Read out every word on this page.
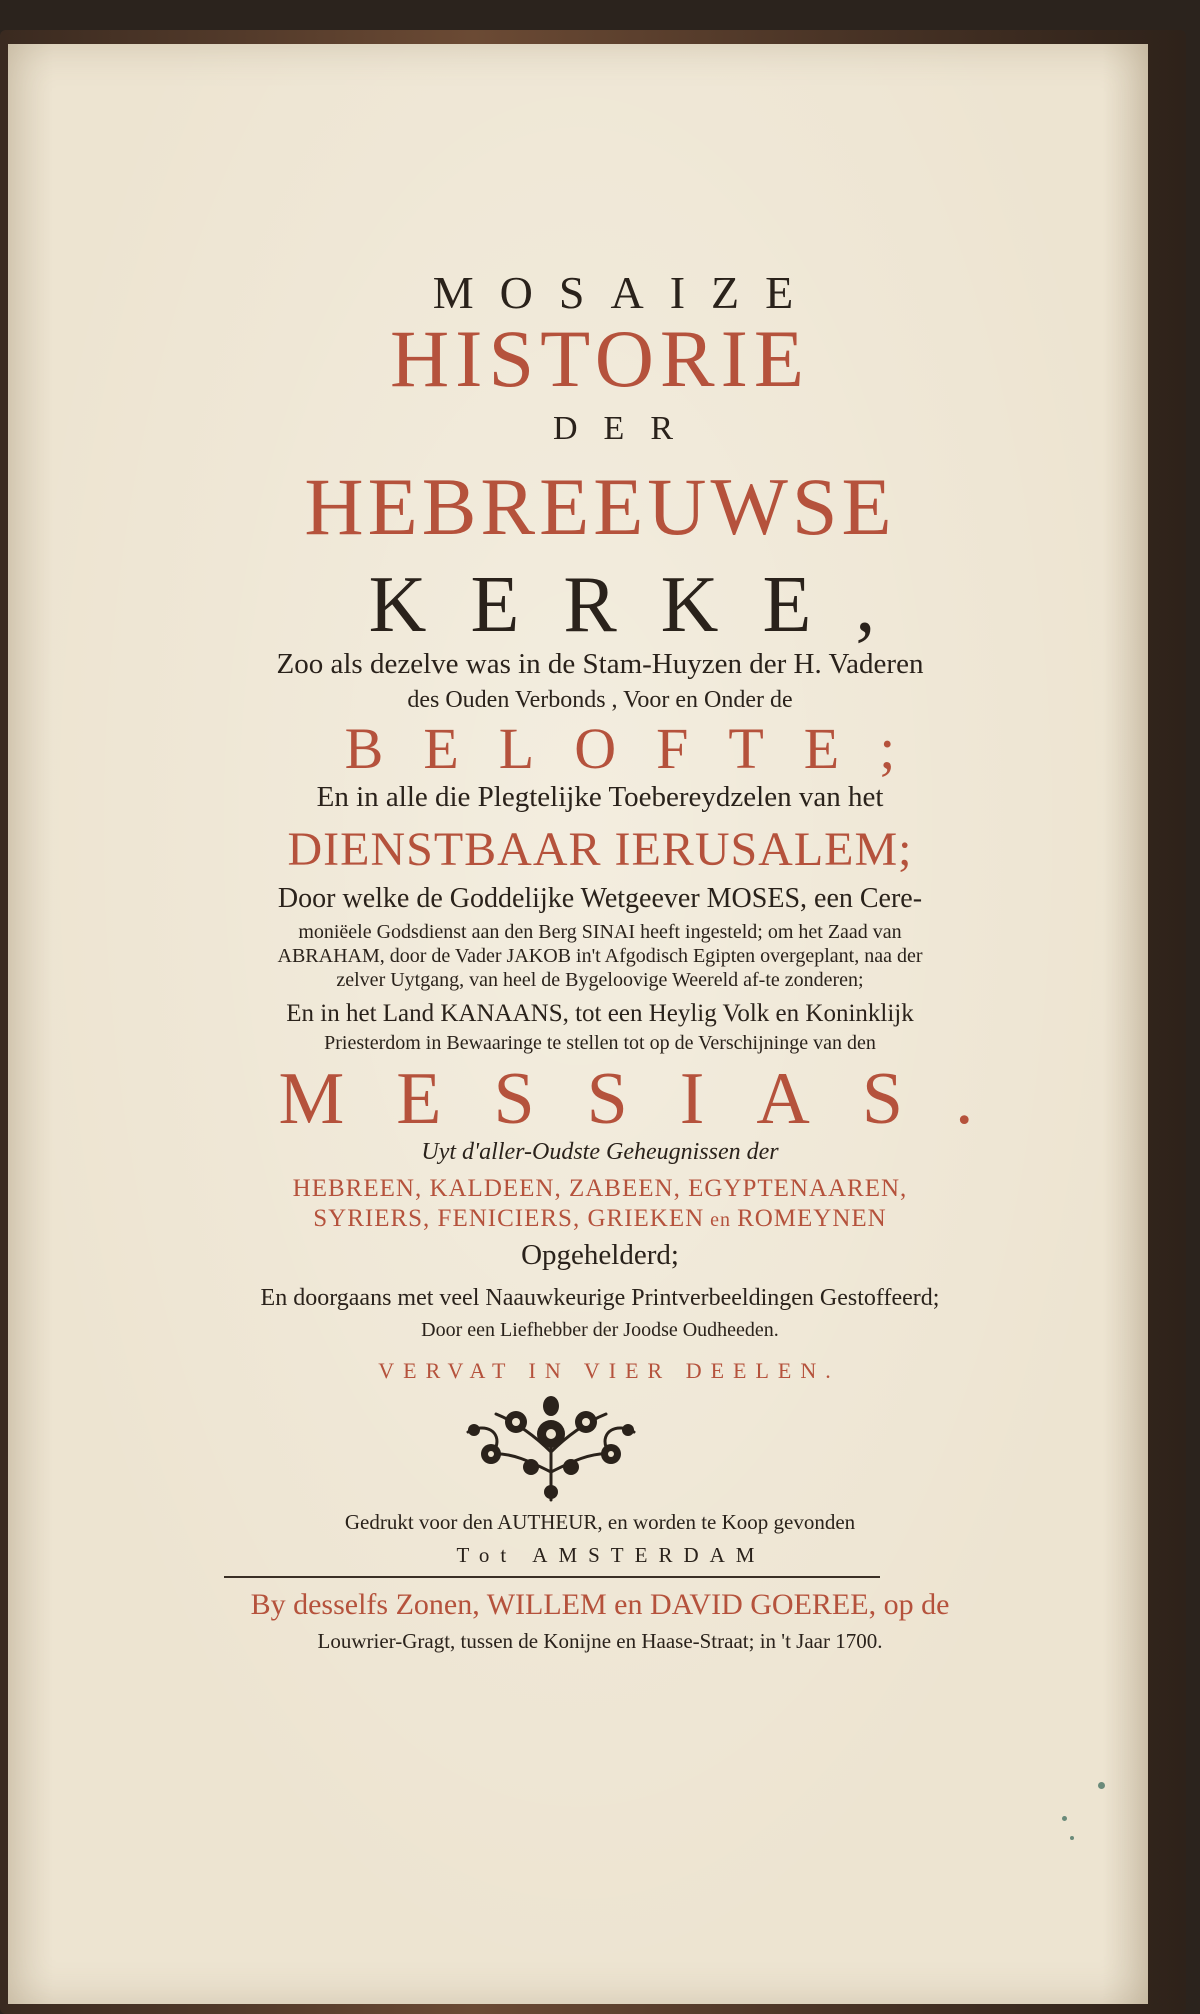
MOSAIZE
HISTORIE
DER
HEBREEUWSE
KERKE,
Zoo als dezelve was in de Stam-Huyzen der H. Vaderen
des Ouden Verbonds , Voor en Onder de
BELOFTE;
En in alle die Plegtelijke Toebereydzelen van het
DIENSTBAAR IERUSALEM;
Door welke de Goddelijke Wetgeever MOSES, een Cere-
moniëele Godsdienst aan den Berg SINAI heeft ingesteld; om het Zaad van
ABRAHAM, door de Vader JAKOB in't Afgodisch Egipten overgeplant, naa der
zelver Uytgang, van heel de Bygeloovige Weereld af-te zonderen;
En in het Land KANAANS, tot een Heylig Volk en Koninklijk
Priesterdom in Bewaaringe te stellen tot op de Verschijninge van den
MESSIAS.
Uyt d'aller-Oudste Geheugnissen der
HEBREEN, KALDEEN, ZABEEN, EGYPTENAAREN,
SYRIERS, FENICIERS, GRIEKEN en ROMEYNEN
Opgehelderd;
En doorgaans met veel Naauwkeurige Printverbeeldingen Gestoffeerd;
Door een Liefhebber der Joodse Oudheeden.
VERVAT IN VIER DEELEN.
Gedrukt voor den AUTHEUR, en worden te Koop gevonden
Tot AMSTERDAM
By desselfs Zonen, WILLEM en DAVID GOEREE, op de
Louwrier-Gragt, tussen de Konijne en Haase-Straat; in 't Jaar 1700.
